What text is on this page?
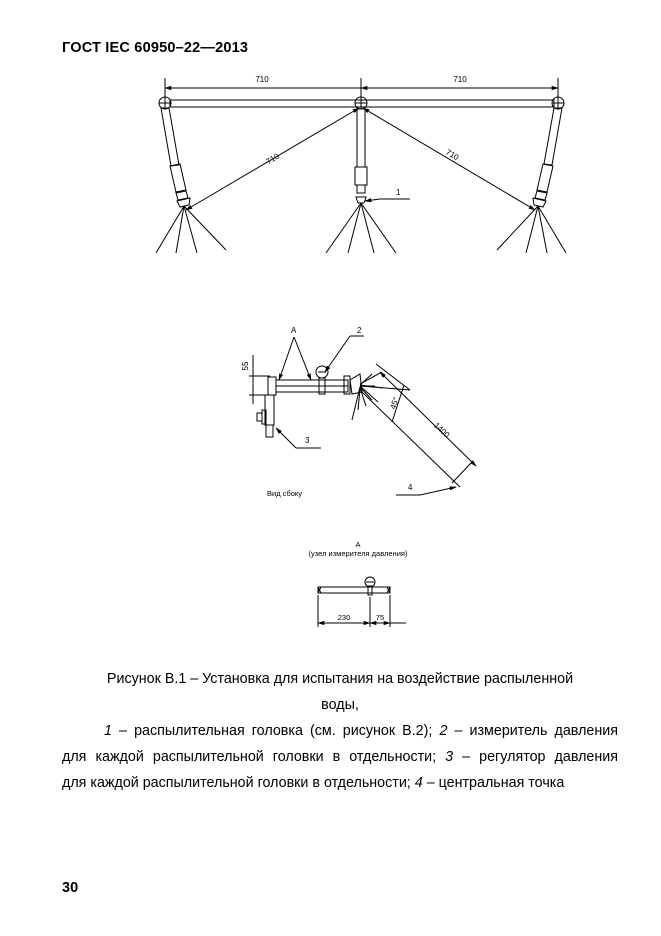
ГОСТ IEC 60950–22—2013
710	710
710	710
1
A	2
55
45°
1400
3
4
Вид сбоку
A
(узел измерителя давления)
230	75
Рисунок В.1 – Установка для испытания на воздействие распыленной
воды,
1 – распылительная головка (см. рисунок В.2); 2 – измеритель давления для каждой распылительной головки в отдельности; 3 – регулятор давления для каждой распылительной головки в отдельности; 4 – центральная точка
30
